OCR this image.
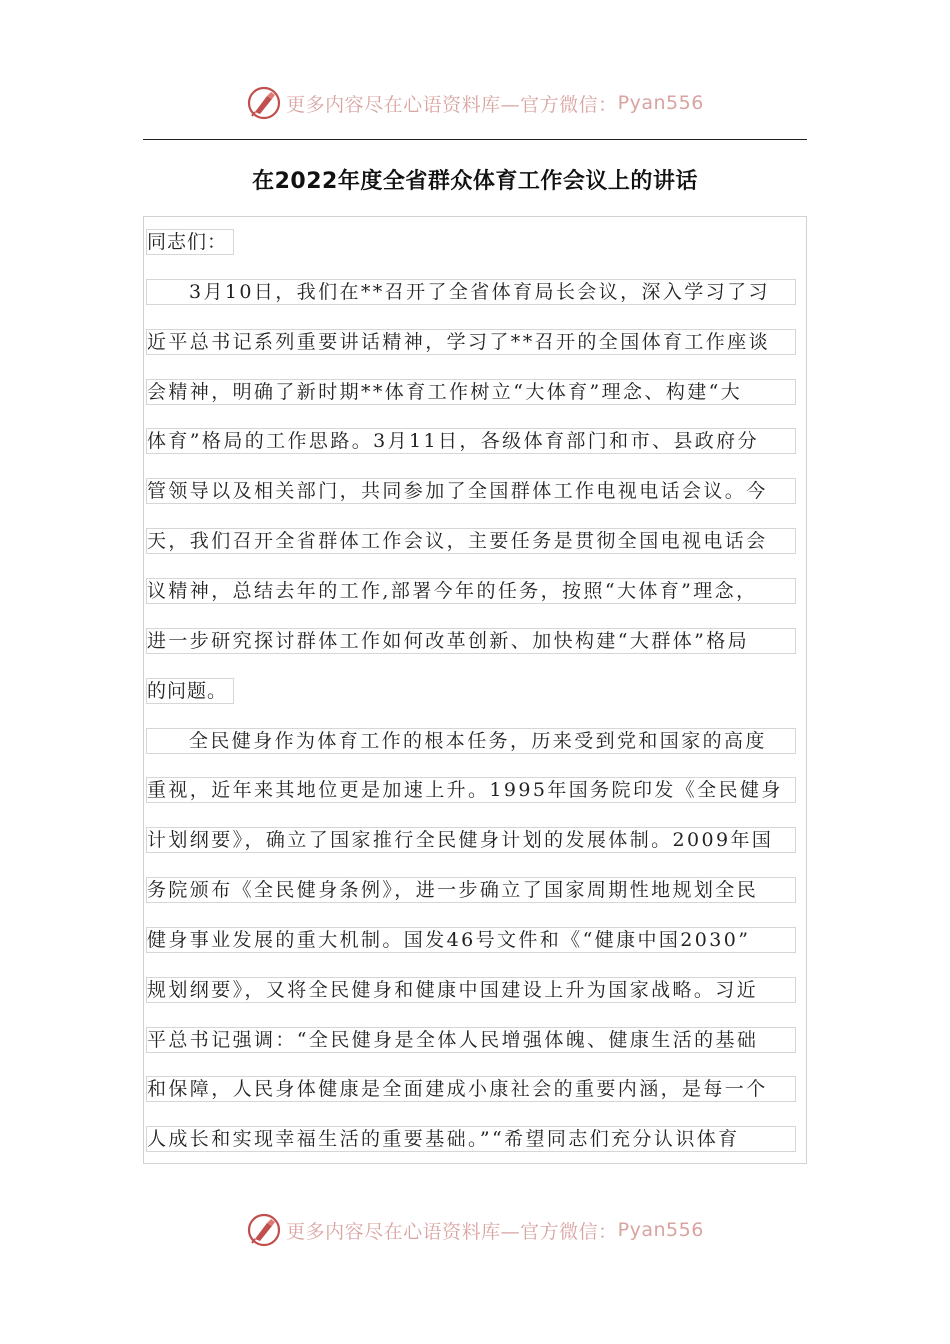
更多内容尽在心语资料库—官方微信： Pyan556
在2022年度全省群众体育工作会议上的讲话
同志们：
3月10日，我们在**召开了全省体育局长会议，深入学习了习
近平总书记系列重要讲话精神，学习了**召开的全国体育工作座谈
会精神，明确了新时期**体育工作树立“大体育”理念、构建“大
体育”格局的工作思路。3月11日，各级体育部门和市、县政府分
管领导以及相关部门，共同参加了全国群体工作电视电话会议。今
天，我们召开全省群体工作会议，主要任务是贯彻全国电视电话会
议精神，总结去年的工作,部署今年的任务，按照“大体育”理念，
进一步研究探讨群体工作如何改革创新、加快构建“大群体”格局
的问题。
全民健身作为体育工作的根本任务，历来受到党和国家的高度
重视，近年来其地位更是加速上升。1995年国务院印发《全民健身
计划纲要》，确立了国家推行全民健身计划的发展体制。2009年国
务院颁布《全民健身条例》，进一步确立了国家周期性地规划全民
健身事业发展的重大机制。国发46号文件和《“健康中国2030”
规划纲要》，又将全民健身和健康中国建设上升为国家战略。习近
平总书记强调：“全民健身是全体人民增强体魄、健康生活的基础
和保障，人民身体健康是全面建成小康社会的重要内涵，是每一个
人成长和实现幸福生活的重要基础。”“希望同志们充分认识体育
更多内容尽在心语资料库—官方微信： Pyan556
